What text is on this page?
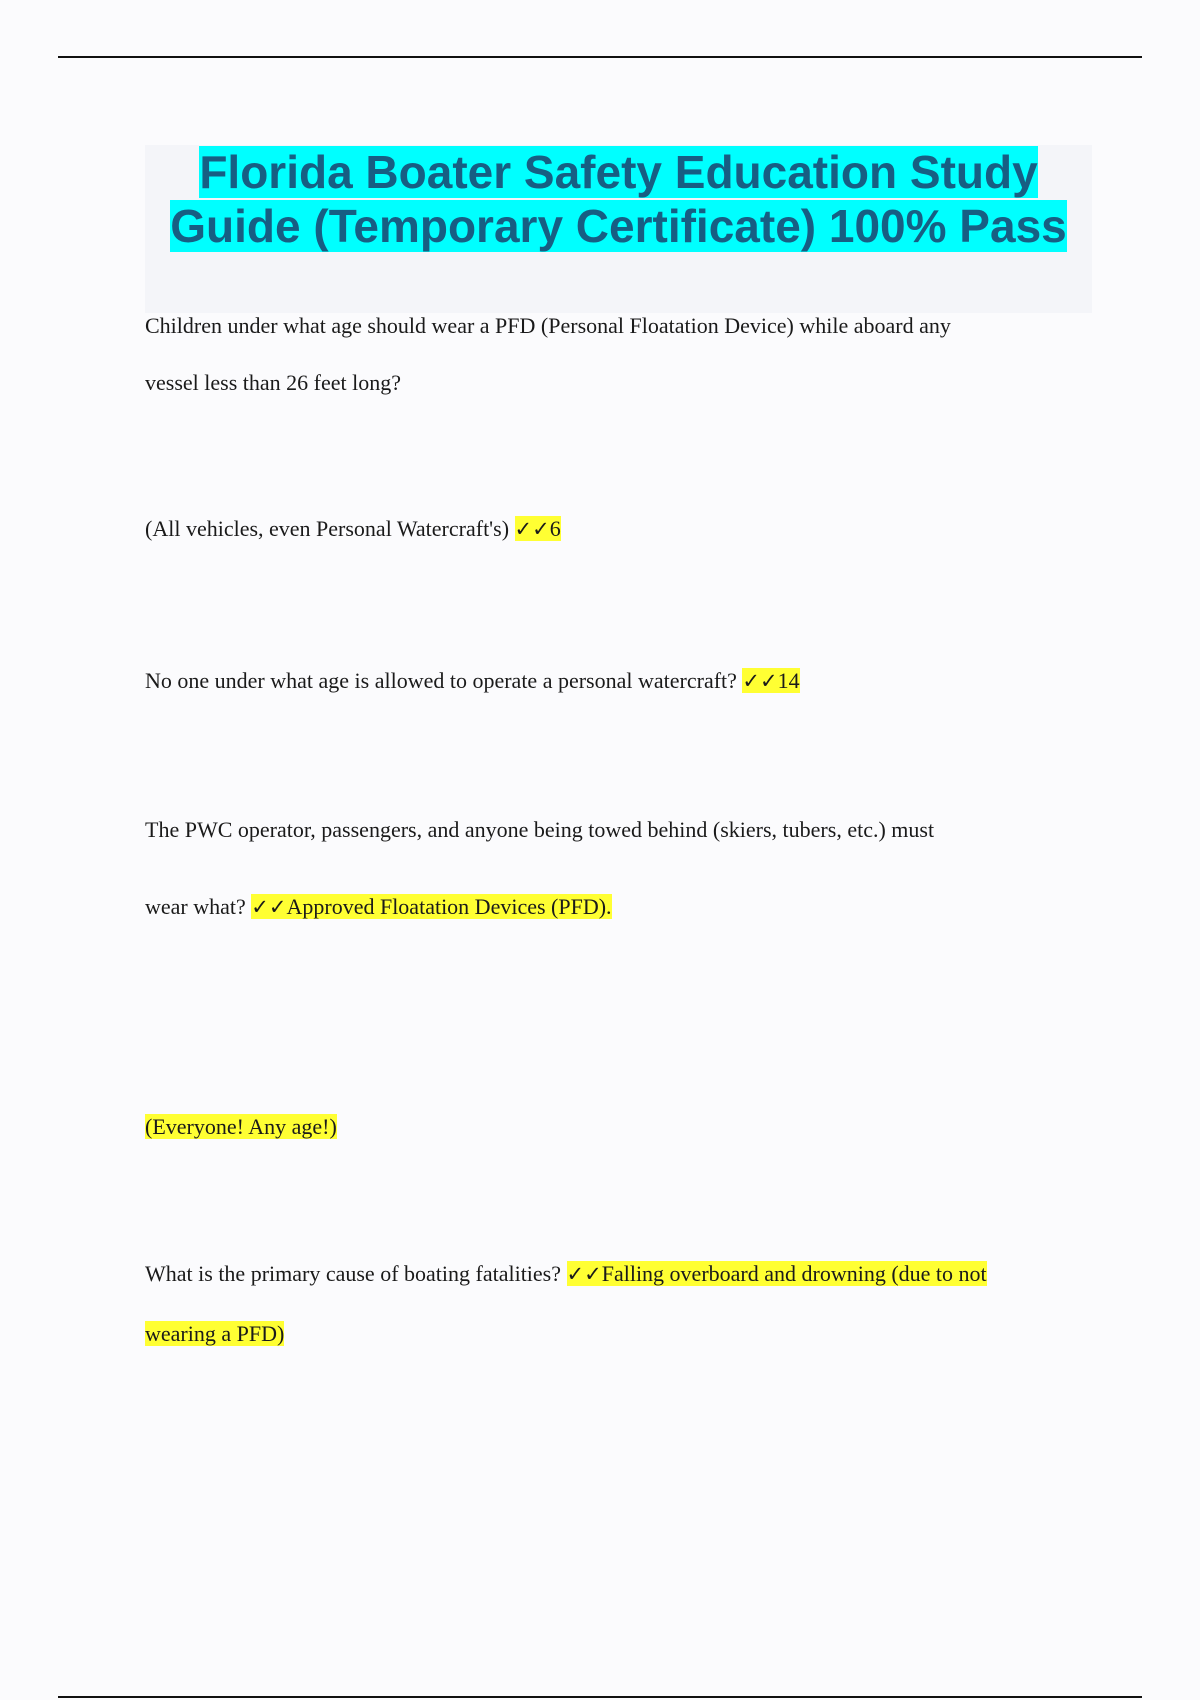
Florida Boater Safety Education Study Guide (Temporary Certificate) 100% Pass

Children under what age should wear a PFD (Personal Floatation Device) while aboard any

vessel less than 26 feet long?

(All vehicles, even Personal Watercraft's) ✓✓6

No one under what age is allowed to operate a personal watercraft? ✓✓14

The PWC operator, passengers, and anyone being towed behind (skiers, tubers, etc.) must

wear what? ✓✓Approved Floatation Devices (PFD).

(Everyone! Any age!)

What is the primary cause of boating fatalities? ✓✓Falling overboard and drowning (due to not

wearing a PFD)
